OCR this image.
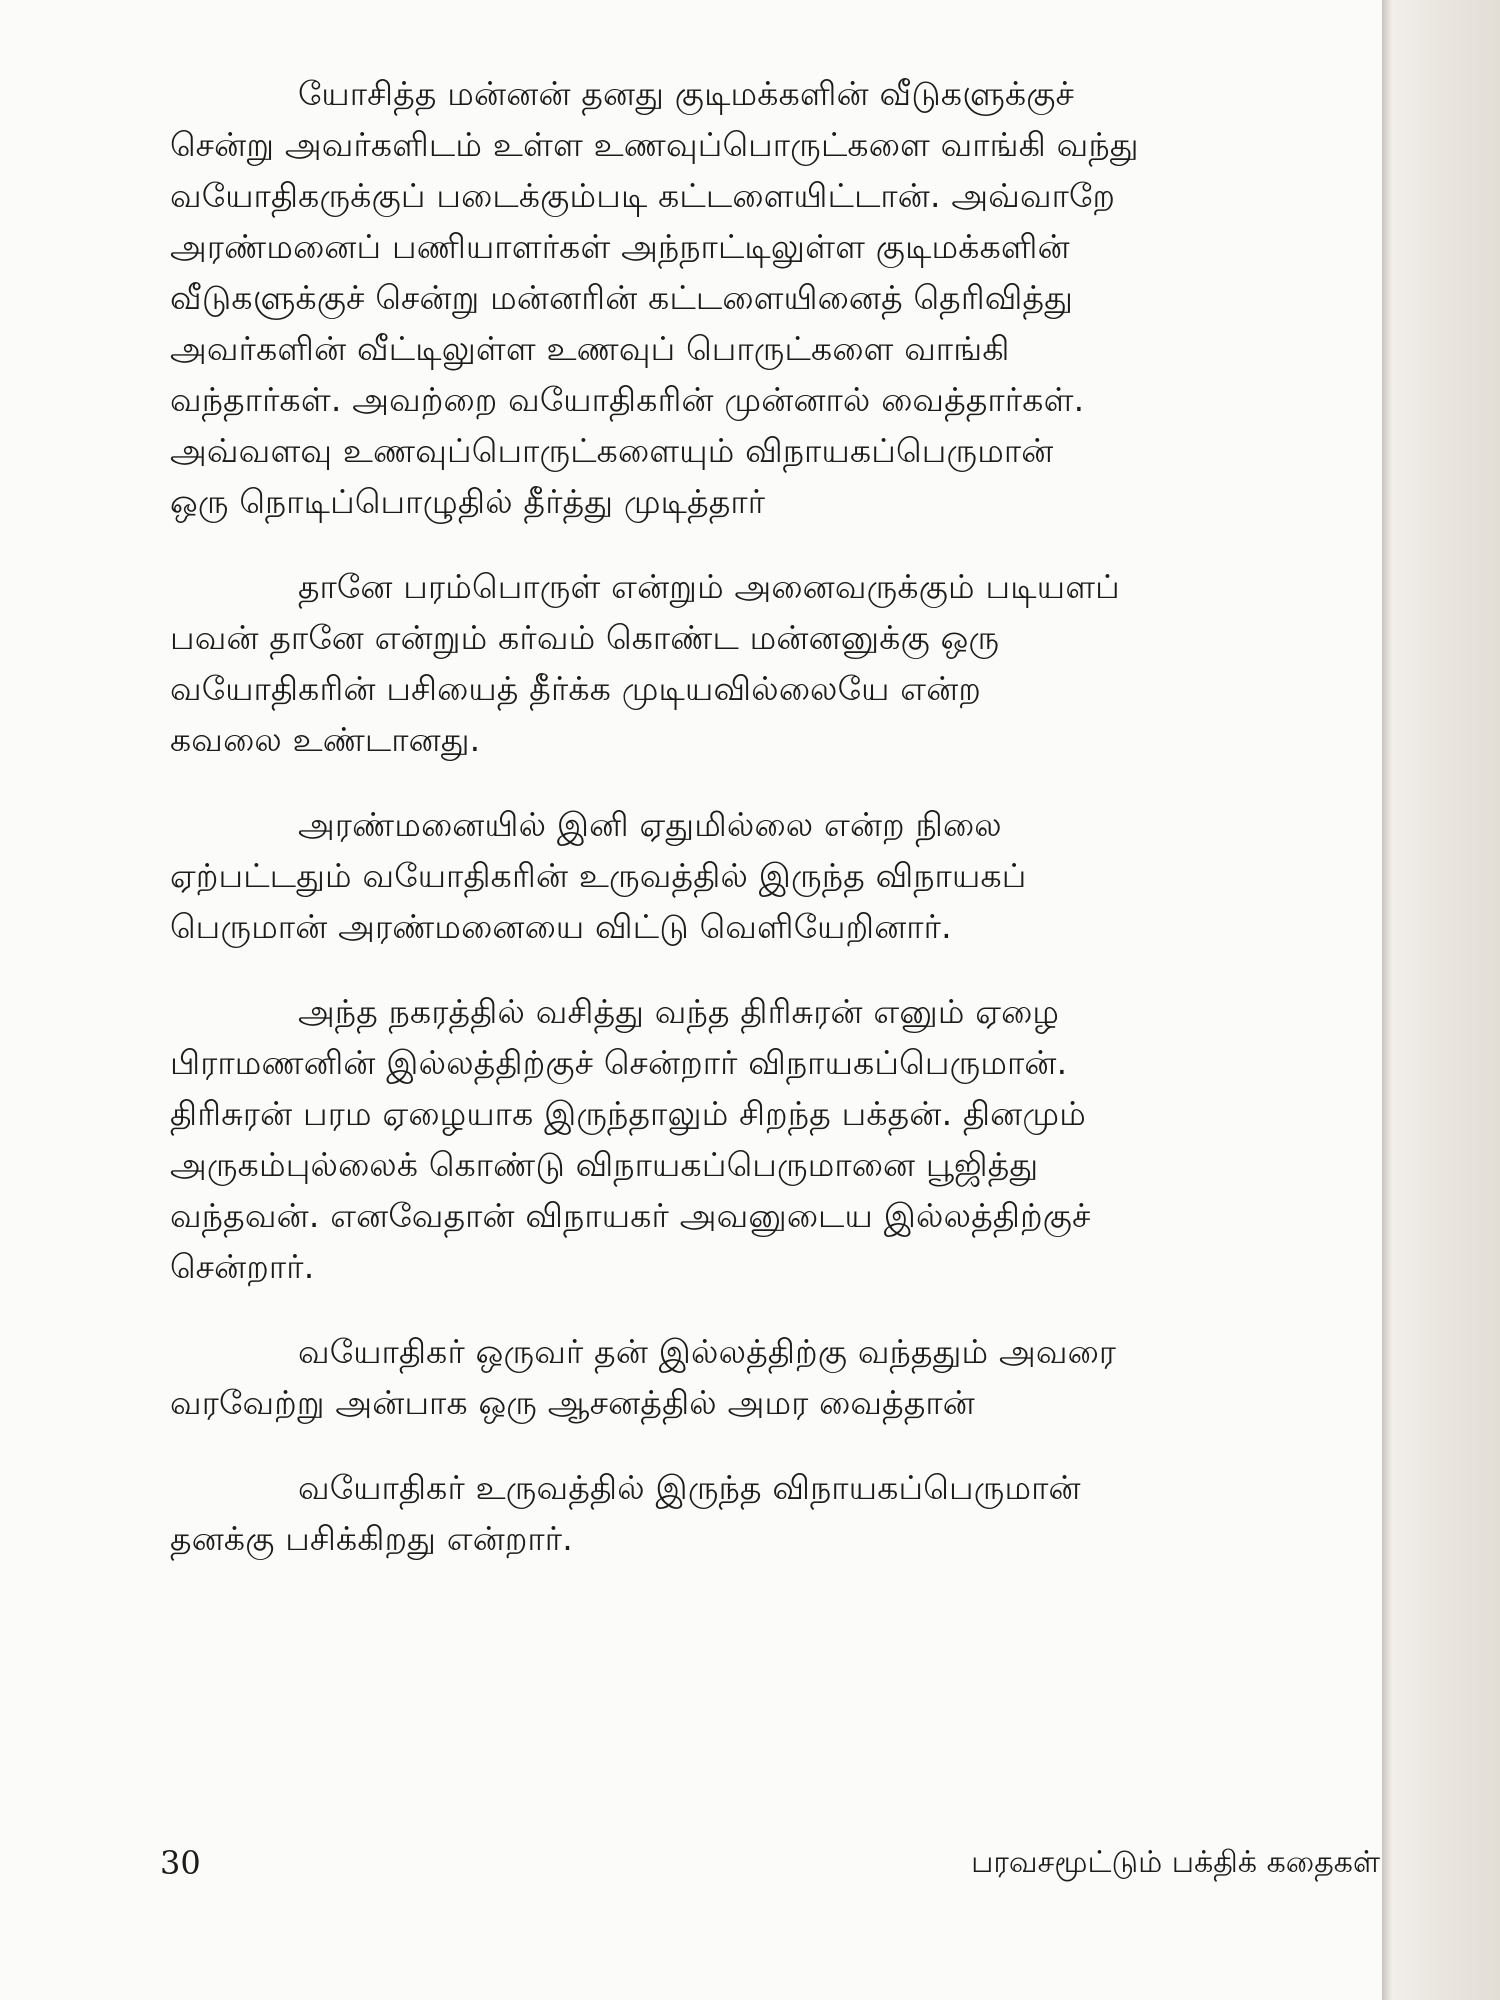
யோசித்த மன்னன் தனது குடிமக்களின் வீடுகளுக்குச்
சென்று அவர்களிடம் உள்ள உணவுப்பொருட்களை வாங்கி வந்து
வயோதிகருக்குப் படைக்கும்படி கட்டளையிட்டான். அவ்வாறே
அரண்மனைப் பணியாளர்கள் அந்நாட்டிலுள்ள குடிமக்களின்
வீடுகளுக்குச் சென்று மன்னரின் கட்டளையினைத் தெரிவித்து
அவர்களின் வீட்டிலுள்ள உணவுப் பொருட்களை வாங்கி
வந்தார்கள். அவற்றை வயோதிகரின் முன்னால் வைத்தார்கள்.
அவ்வளவு உணவுப்பொருட்களையும் விநாயகப்பெருமான்
ஒரு நொடிப்பொழுதில் தீர்த்து முடித்தார்

தானே பரம்பொருள் என்றும் அனைவருக்கும் படியளப்
பவன் தானே என்றும் கர்வம் கொண்ட மன்னனுக்கு ஒரு
வயோதிகரின் பசியைத் தீர்க்க முடியவில்லையே என்ற
கவலை உண்டானது.

அரண்மனையில் இனி ஏதுமில்லை என்ற நிலை
ஏற்பட்டதும் வயோதிகரின் உருவத்தில் இருந்த விநாயகப்
பெருமான் அரண்மனையை விட்டு வெளியேறினார்.

அந்த நகரத்தில் வசித்து வந்த திரிசுரன் எனும் ஏழை
பிராமணனின் இல்லத்திற்குச் சென்றார் விநாயகப்பெருமான்.
திரிசுரன் பரம ஏழையாக இருந்தாலும் சிறந்த பக்தன். தினமும்
அருகம்புல்லைக் கொண்டு விநாயகப்பெருமானை பூஜித்து
வந்தவன். எனவேதான் விநாயகர் அவனுடைய இல்லத்திற்குச்
சென்றார்.

வயோதிகர் ஒருவர் தன் இல்லத்திற்கு வந்ததும் அவரை
வரவேற்று அன்பாக ஒரு ஆசனத்தில் அமர வைத்தான்

வயோதிகர் உருவத்தில் இருந்த விநாயகப்பெருமான்
தனக்கு பசிக்கிறது என்றார்.

30	பரவசமூட்டும் பக்திக் கதைகள்
